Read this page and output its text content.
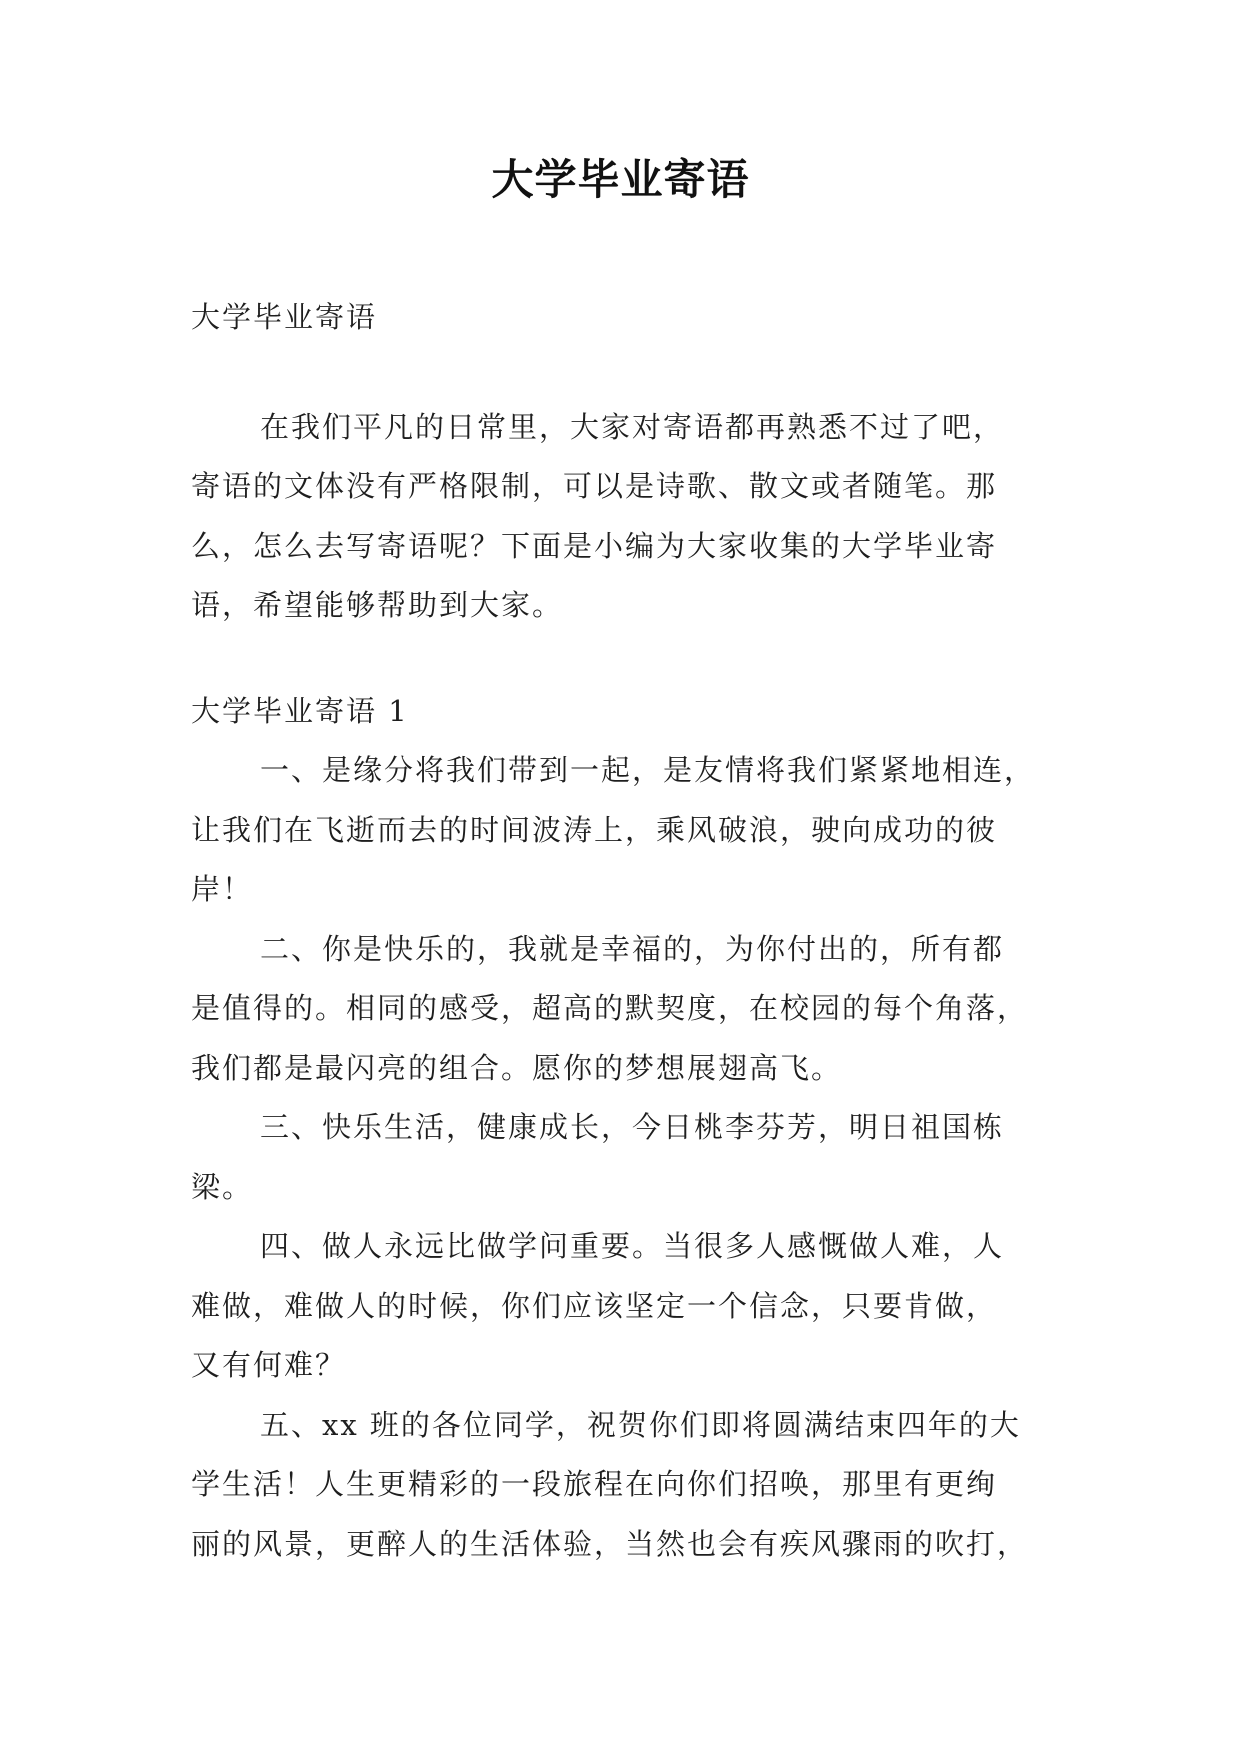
大学毕业寄语
大学毕业寄语
在我们平凡的日常里，大家对寄语都再熟悉不过了吧，
寄语的文体没有严格限制，可以是诗歌、散文或者随笔。那
么，怎么去写寄语呢？下面是小编为大家收集的大学毕业寄
语，希望能够帮助到大家。
大学毕业寄语 1
一、是缘分将我们带到一起，是友情将我们紧紧地相连，
让我们在飞逝而去的时间波涛上，乘风破浪，驶向成功的彼
岸！
二、你是快乐的，我就是幸福的，为你付出的，所有都
是值得的。相同的感受，超高的默契度，在校园的每个角落，
我们都是最闪亮的组合。愿你的梦想展翅高飞。
三、快乐生活，健康成长，今日桃李芬芳，明日祖国栋
梁。
四、做人永远比做学问重要。当很多人感慨做人难，人
难做，难做人的时候，你们应该坚定一个信念，只要肯做，
又有何难？
五、xx 班的各位同学，祝贺你们即将圆满结束四年的大
学生活！人生更精彩的一段旅程在向你们招唤，那里有更绚
丽的风景，更醉人的生活体验，当然也会有疾风骤雨的吹打，
